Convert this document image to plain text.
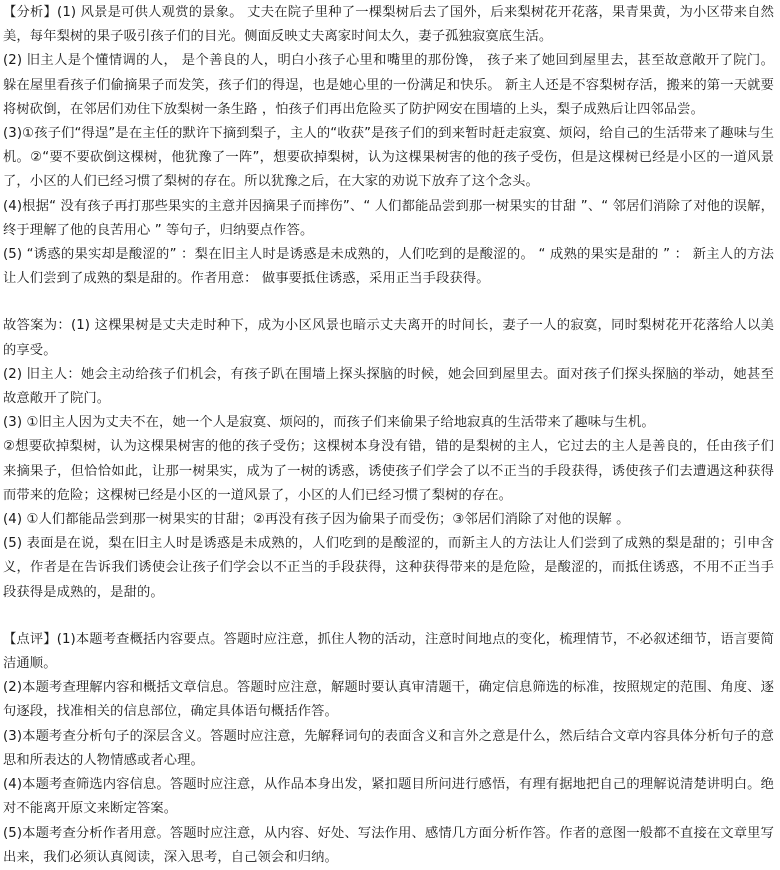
【分析】(1) 风景是可供人观赏的景象。 丈夫在院子里种了一棵梨树后去了国外，后来梨树花开花落，果青果黄，为小区带来自然美，每年梨树的果子吸引孩子们的目光。侧面反映丈夫离家时间太久，妻子孤独寂寞底生活。

(2) 旧主人是个懂情调的人， 是个善良的人，明白小孩子心里和嘴里的那份馋， 孩子来了她回到屋里去，甚至故意敞开了院门。 躲在屋里看孩子们偷摘果子而发笑，孩子们的得逞，也是她心里的一份满足和快乐。 新主人还是不容梨树存活，搬来的第一天就要将树砍倒，在邻居们劝住下放梨树一条生路 ，怕孩子们再出危险买了防护网安在围墙的上头，梨子成熟后让四邻品尝。

(3)①孩子们“得逞”是在主任的默许下摘到梨子，主人的“收获”是孩子们的到来暂时赶走寂寞、烦闷，给自己的生活带来了趣味与生机。②“要不要砍倒这棵树，他犹豫了一阵”，想要砍掉梨树，认为这棵果树害的他的孩子受伤，但是这棵树已经是小区的一道风景了，小区的人们已经习惯了梨树的存在。所以犹豫之后，在大家的劝说下放弃了这个念头。

(4)根据“ 没有孩子再打那些果实的主意并因摘果子而摔伤”、“ 人们都能品尝到那一树果实的甘甜 ”、“ 邻居们消除了对他的误解，终于理解了他的良苦用心 ” 等句子，归纳要点作答。

(5) “诱惑的果实却是酸涩的” ：梨在旧主人时是诱惑是未成熟的，人们吃到的是酸涩的。 “ 成熟的果实是甜的 ” ： 新主人的方法让人们尝到了成熟的梨是甜的。作者用意： 做事要抵住诱惑，采用正当手段获得。

故答案为：(1) 这棵果树是丈夫走时种下，成为小区风景也暗示丈夫离开的时间长，妻子一人的寂寞，同时梨树花开花落给人以美的享受。

(2) 旧主人：她会主动给孩子们机会，有孩子趴在围墙上探头探脑的时候，她会回到屋里去。面对孩子们探头探脑的举动，她甚至故意敞开了院门。

(3) ①旧主人因为丈夫不在，她一个人是寂寞、烦闷的，而孩子们来偷果子给地寂真的生活带来了趣味与生机。

②想要砍掉梨树，认为这棵果树害的他的孩子受伤；这棵树本身没有错，错的是梨树的主人，它过去的主人是善良的，任由孩子们来摘果子，但恰恰如此，让那一树果实，成为了一树的诱惑，诱使孩子们学会了以不正当的手段获得，诱使孩子们去遭遇这种获得而带来的危险；这棵树已经是小区的一道风景了，小区的人们已经习惯了梨树的存在。

(4) ①人们都能品尝到那一树果实的甘甜；②再没有孩子因为偷果子而受伤；③邻居们消除了对他的误解 。

(5) 表面是在说，梨在旧主人时是诱惑是未成熟的，人们吃到的是酸涩的，而新主人的方法让人们尝到了成熟的梨是甜的；引申含义，作者是在告诉我们诱使会让孩子们学会以不正当的手段获得，这种获得带来的是危险，是酸涩的，而抵住诱惑，不用不正当手段获得是成熟的，是甜的。

【点评】(1)本题考查概括内容要点。答题时应注意，抓住人物的活动，注意时间地点的变化，梳理情节，不必叙述细节，语言要简洁通顺。

(2)本题考查理解内容和概括文章信息。答题时应注意，解题时要认真审清题干，确定信息筛选的标准，按照规定的范围、角度、逐句逐段，找准相关的信息部位，确定具体语句概括作答。

(3)本题考查分析句子的深层含义。答题时应注意，先解释词句的表面含义和言外之意是什么，然后结合文章内容具体分析句子的意思和所表达的人物情感或者心理。

(4)本题考查筛选内容信息。答题时应注意，从作品本身出发，紧扣题目所问进行感悟，有理有据地把自己的理解说清楚讲明白。绝对不能离开原文来断定答案。

(5)本题考查分析作者用意。答题时应注意，从内容、好处、写法作用、感情几方面分析作答。作者的意图一般都不直接在文章里写出来，我们必须认真阅读，深入思考，自己领会和归纳。
